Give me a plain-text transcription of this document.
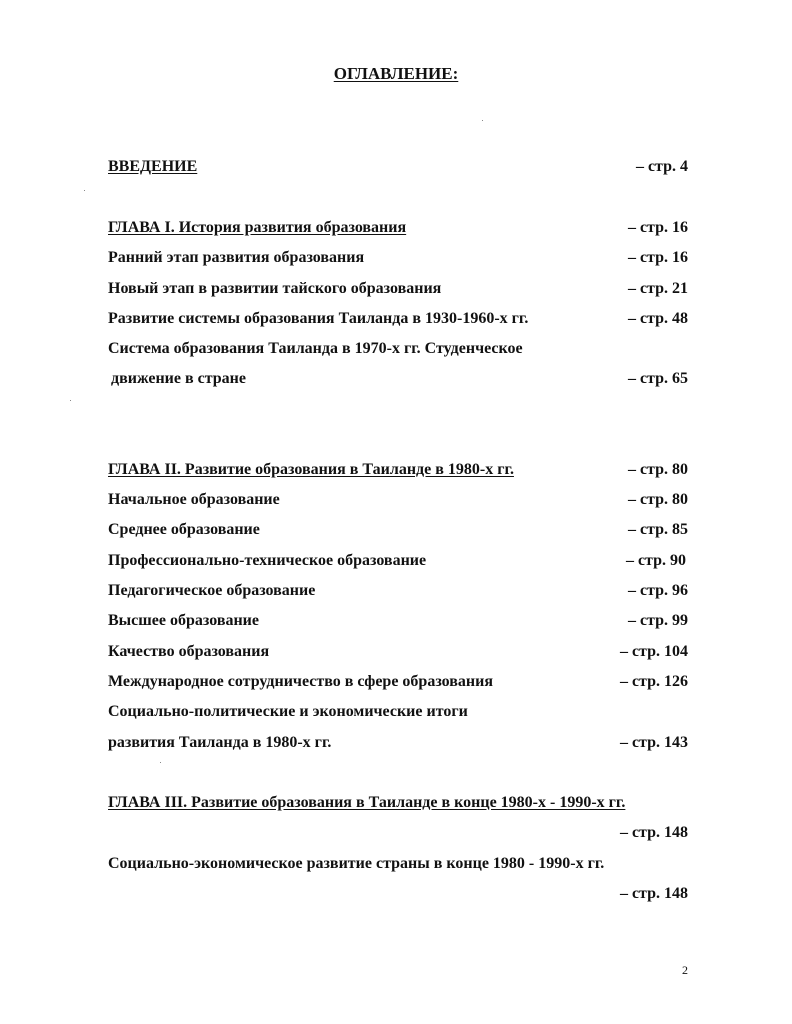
ОГЛАВЛЕНИЕ:
ВВЕДЕНИЕ	– стр. 4
ГЛАВА I. История развития образования	– стр. 16
Ранний этап развития образования	– стр. 16
Новый этап в развитии тайского образования	– стр. 21
Развитие системы образования Таиланда в 1930-1960-х гг.	– стр. 48
Система образования Таиланда в 1970-х гг. Студенческое
движение в стране	– стр. 65
ГЛАВА II. Развитие образования в Таиланде в 1980-х гг.	– стр. 80
Начальное образование	– стр. 80
Среднее образование	– стр. 85
Профессионально-техническое образование	– стр. 90
Педагогическое образование	– стр. 96
Высшее образование	– стр. 99
Качество образования	– стр. 104
Международное сотрудничество в сфере образования	– стр. 126
Социально-политические и экономические итоги
развития Таиланда в 1980-х гг.	– стр. 143
ГЛАВА III. Развитие образования в Таиланде в конце 1980-х - 1990-х гг.
– стр. 148
Социально-экономическое развитие страны в конце 1980 - 1990-х гг.
– стр. 148
2
